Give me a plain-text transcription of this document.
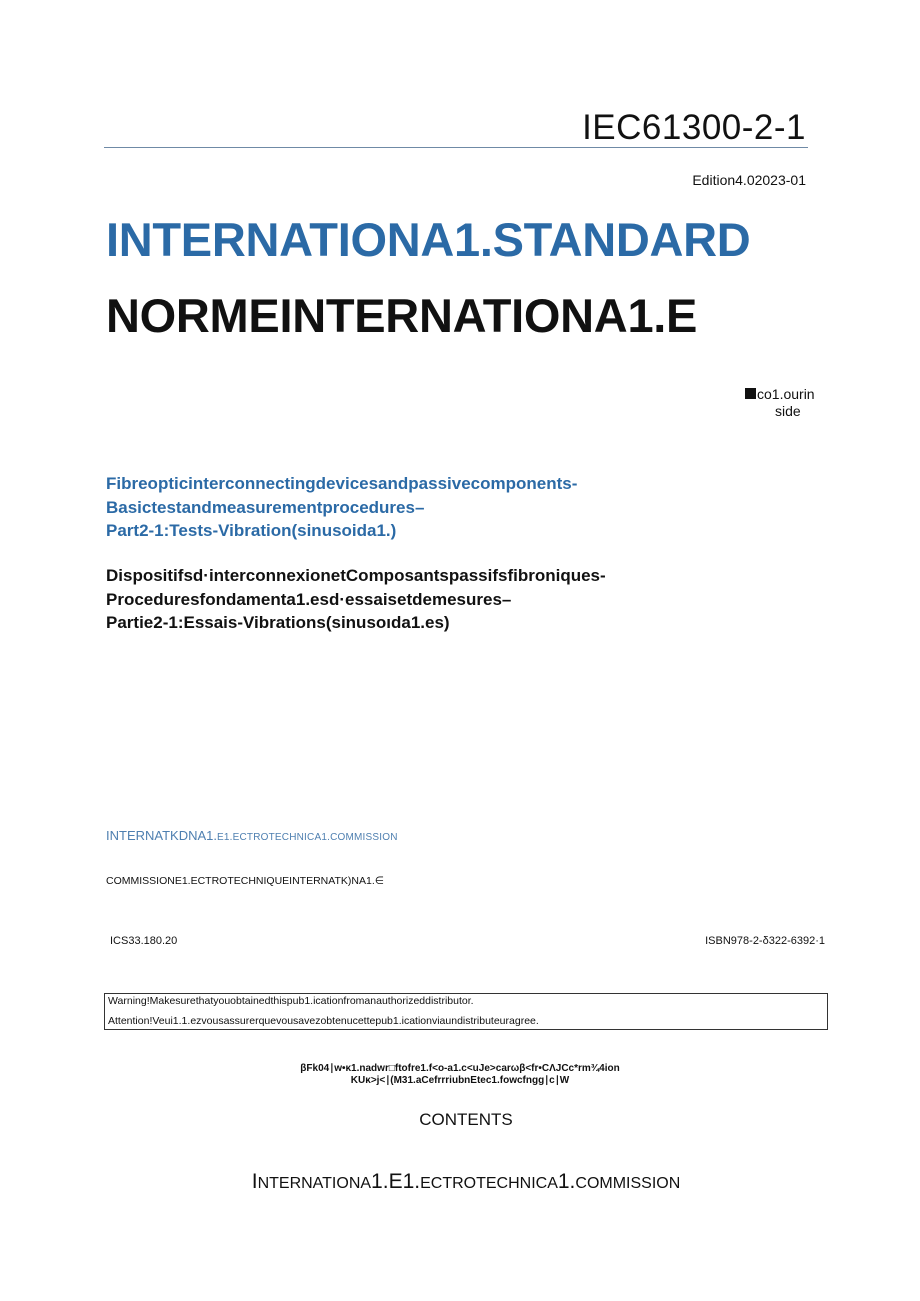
IEC61300-2-1
Edition4.02023-01
INTERNATIONA1.STANDARD
NORMEINTERNATIONA1.E
co1.ourin
side
Fibreopticinterconnectingdevicesandpassivecomponents-
Basictestandmeasurementprocedures–
Part2-1:Tests-Vibration(sinusoida1.)
Dispositifsd·interconnexionetComposantspassifsfibroniques-
Proceduresfondamenta1.esd·essaisetdemesures–
Partie2-1:Essais-Vibrations(sinusoıda1.es)
INTERNATKDNA1.E1.ECTROTECHNICA1.COMMISSION
COMMISSIONE1.ECTROTECHNIQUEINTERNATK)NA1.∈
ICS33.180.20	ISBN978-2-δ322-6392·1
Warning!Makesurethatyouobtainedthispub1.icationfromanauthorizeddistributor.
Attention!Veui1.1.ezvousassurerquevousavezobtenucettepub1.icationviaundistributeuragree.
βFk04∣w•κ1.nadwr□ftofre1.f<o-a1.c<uJe>carωβ<fr•CΛJCc*rm¾4ion
KUκ>j<∣(M31.aCefrrriubnEtec1.fowcfngg∣c∣W
CONTENTS
INTERNATIONA1.E1.ECTROTECHNICA1.COMMISSION
